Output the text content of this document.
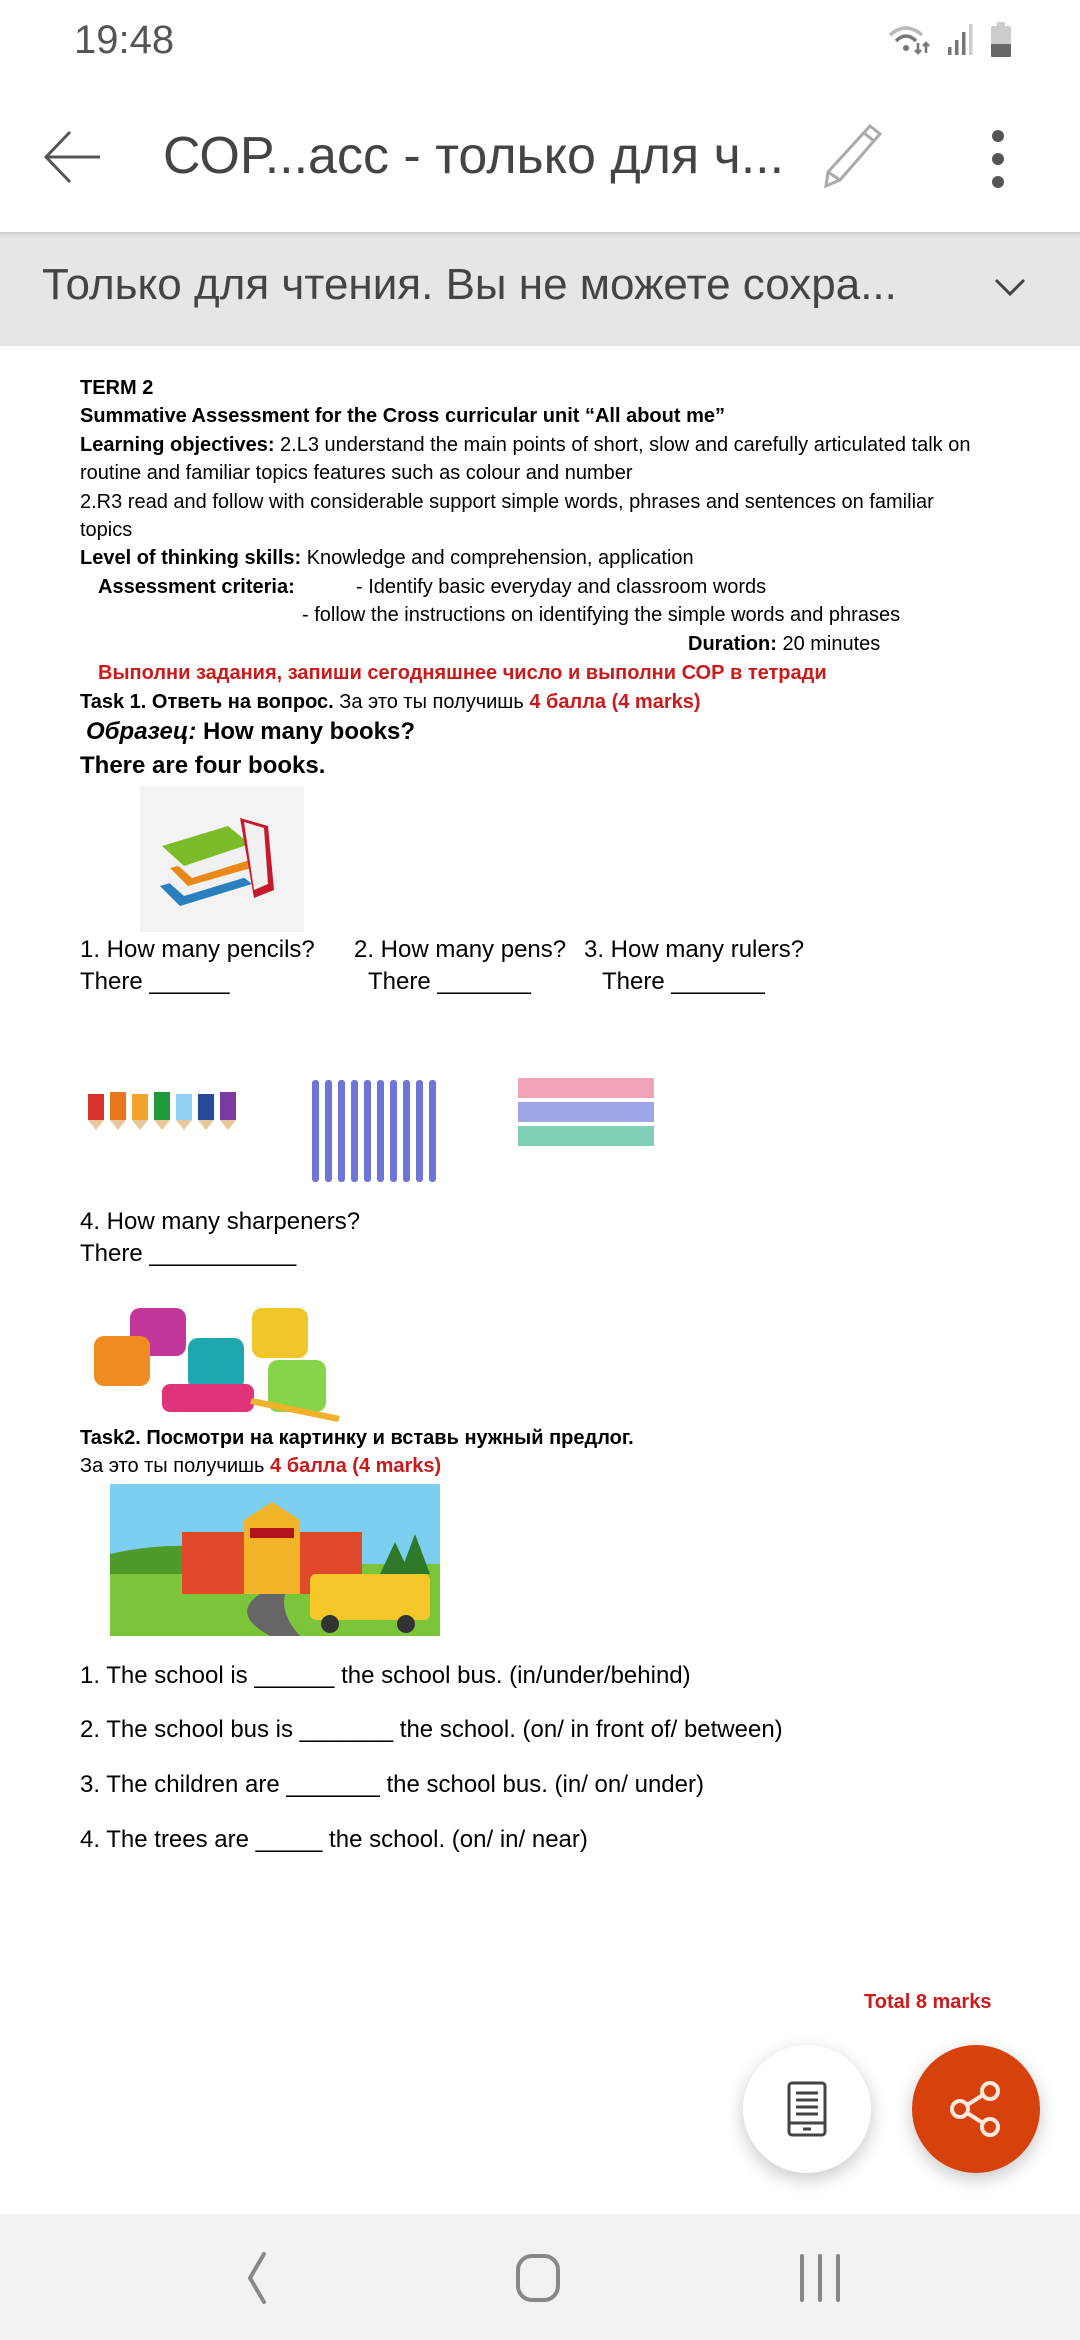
19:48
СОР...асс - только для ч...
Только для чтения. Вы не можете сохра...
TERM 2
Summative Assessment for the Cross curricular unit “All about me”
Learning objectives: 2.L3 understand the main points of short, slow and carefully articulated talk on
routine and familiar topics features such as colour and number
2.R3 read and follow with considerable support simple words, phrases and sentences on familiar
topics
Level of thinking skills: Knowledge and comprehension, application
Assessment criteria:	- Identify basic everyday and classroom words
- follow the instructions on identifying the simple words and phrases
Duration: 20 minutes
Выполни задания, запиши сегодняшнее число и выполни СОР в тетради
Task 1. Ответь на вопрос. За это ты получишь 4 балла (4 marks)
Образец: How many books?
There are four books.
1. How many pencils?
There ______
2. How many pens?
There _______
3. How many rulers?
There _______
4. How many sharpeners?
There ___________
Task2. Посмотри на картинку и вставь нужный предлог.
За это ты получишь 4 балла (4 marks)
1. The school is ______ the school bus. (in/under/behind)
2. The school bus is _______ the school. (on/ in front of/ between)
3. The children are _______ the school bus. (in/ on/ under)
4. The trees are _____ the school. (on/ in/ near)
Total 8 marks
